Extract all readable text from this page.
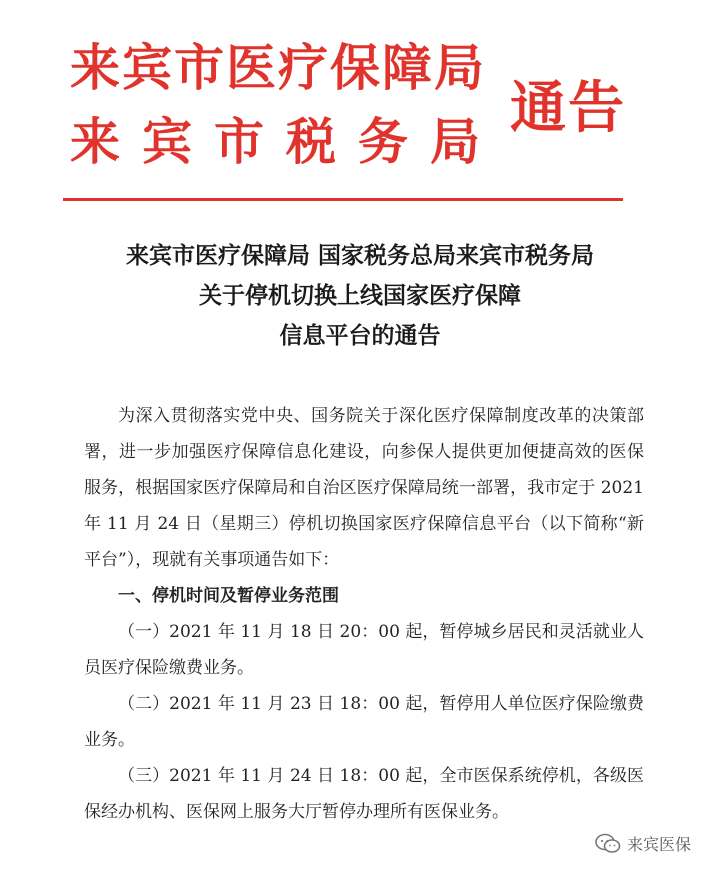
来宾市医疗保障局
来宾市税务局
通告
来宾市医疗保障局 国家税务总局来宾市税务局
关于停机切换上线国家医疗保障
信息平台的通告

为深入贯彻落实党中央、国务院关于深化医疗保障制度改革的决策部署，进一步加强医疗保障信息化建设，向参保人提供更加便捷高效的医保服务，根据国家医疗保障局和自治区医疗保障局统一部署，我市定于 2021 年 11 月 24 日（星期三）停机切换国家医疗保障信息平台（以下简称“新平台”），现就有关事项通告如下：

一、停机时间及暂停业务范围

（一）2021 年 11 月 18 日 20：00 起，暂停城乡居民和灵活就业人员医疗保险缴费业务。

（二）2021 年 11 月 23 日 18：00 起，暂停用人单位医疗保险缴费业务。

（三）2021 年 11 月 24 日 18：00 起，全市医保系统停机，各级医保经办机构、医保网上服务大厅暂停办理所有医保业务。

来宾医保
